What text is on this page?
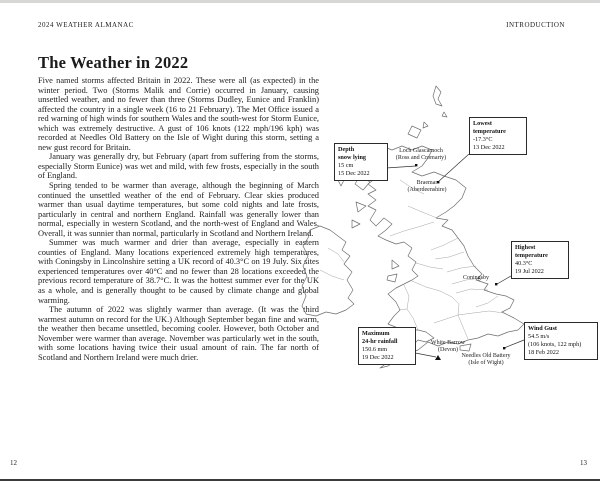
2024 WEATHER ALMANAC
The Weather in 2022

Five named storms affected Britain in 2022. These were all (as expected) in the winter period. Two (Storms Malik and Corrie) occurred in January, causing unsettled weather, and no fewer than three (Storms Dudley, Eunice and Franklin) affected the country in a single week (16 to 21 February). The Met Office issued a red warning of high winds for southern Wales and the south-west for Storm Eunice, which was extremely destructive. A gust of 106 knots (122 mph/196 kph) was recorded at Needles Old Battery on the Isle of Wight during this storm, setting a new gust record for Britain.

January was generally dry, but February (apart from suffering from the storms, especially Storm Eunice) was wet and mild, with few frosts, especially in the south of England.

Spring tended to be warmer than average, although the beginning of March continued the unsettled weather of the end of February. Clear skies produced warmer than usual daytime temperatures, but some cold nights and late frosts, particularly in central and northern England. Rainfall was generally lower than normal, especially in western Scotland, and the north-west of England and Wales. Overall, it was sunnier than normal, particularly in Scotland and Northern Ireland.

Summer was much warmer and drier than average, especially in eastern counties of England. Many locations experienced extremely high temperatures, with Coningsby in Lincolnshire setting a UK record of 40.3°C on 19 July. Six sites experienced temperatures over 40°C and no fewer than 28 locations exceeded the previous record temperature of 38.7°C. It was the hottest summer ever for the UK as a whole, and is generally thought to be caused by climate change and global warming.

The autumn of 2022 was slightly warmer than average. (It was the third warmest autumn on record for the UK.) Although September began fine and warm, the weather then became unsettled, becoming cooler. However, both October and November were warmer than average. November was particularly wet in the south, with some locations having twice their usual amount of rain. The far north of Scotland and Northern Ireland were much drier.

12
INTRODUCTION
13
Depth
snow lying
15 cm
15 Dec 2022
Lowest
temperature
-17.3°C
13 Dec 2022
Highest
temperature
40.3°C
19 Jul 2022
Maximum
24-hr rainfall
150.6 mm
19 Dec 2022
Wind Gust
54.5 m/s
(106 knots, 122 mph)
18 Feb 2022
Loch Glascarnoch
(Ross and Cromarty)
Braemar
(Aberdeenshire)
Coningsby
White Barrow
(Devon)
Needles Old Battery
(Isle of Wight)
